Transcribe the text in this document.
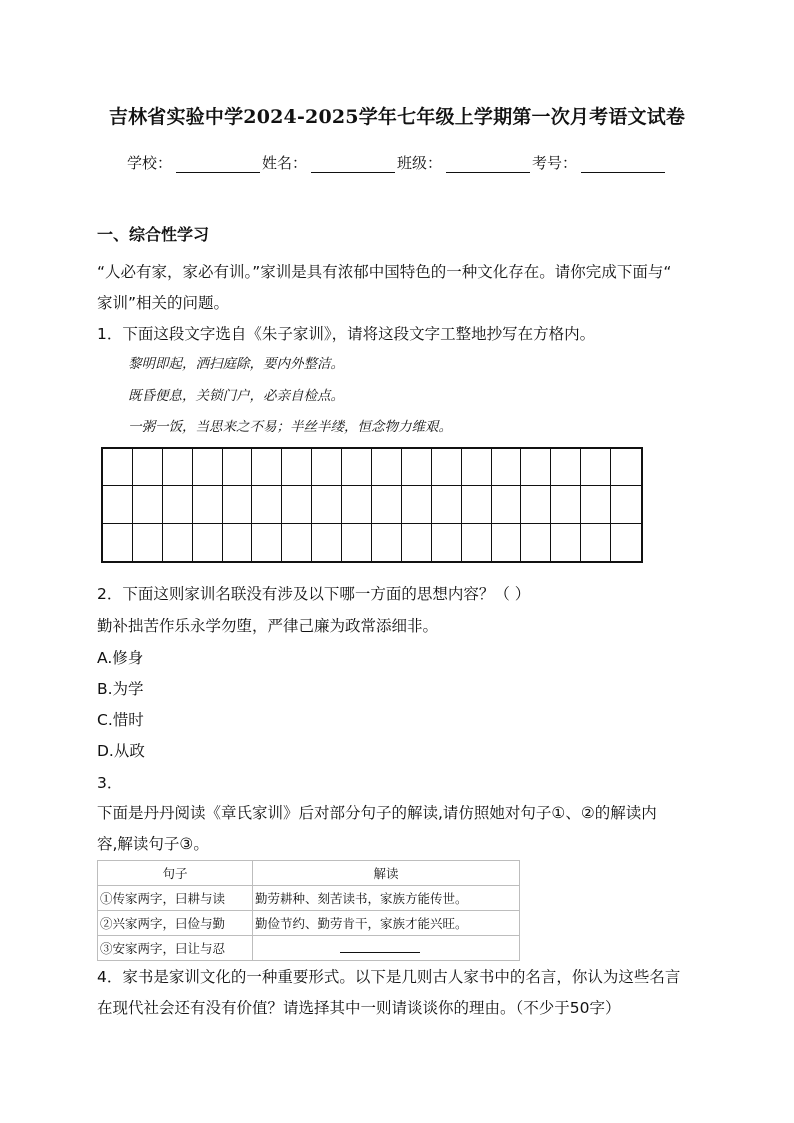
吉林省实验中学2024-2025学年七年级上学期第一次月考语文试卷
学校：	姓名：	班级：	考号：
一、综合性学习
“人必有家，家必有训。”家训是具有浓郁中国特色的一种文化存在。请你完成下面与“
家训”相关的问题。
1．下面这段文字选自《朱子家训》，请将这段文字工整地抄写在方格内。
黎明即起，洒扫庭除，要内外整洁。
既昏便息，关锁门户，必亲自检点。
一粥一饭，当思来之不易；半丝半缕，恒念物力维艰。
2．下面这则家训名联没有涉及以下哪一方面的思想内容？（ ）
勤补拙苦作乐永学勿堕，严律己廉为政常添细非。
A.修身
B.为学
C.惜时
D.从政
3．
下面是丹丹阅读《章氏家训》后对部分句子的解读,请仿照她对句子①、②的解读内
容,解读句子③。
句子	解读
①传家两字，曰耕与读	勤劳耕种、刻苦读书，家族方能传世。
②兴家两字，曰俭与勤	勤俭节约、勤劳肯干，家族才能兴旺。
③安家两字，曰让与忍	
4．家书是家训文化的一种重要形式。以下是几则古人家书中的名言，你认为这些名言
在现代社会还有没有价值？请选择其中一则请谈谈你的理由。（不少于50字）
